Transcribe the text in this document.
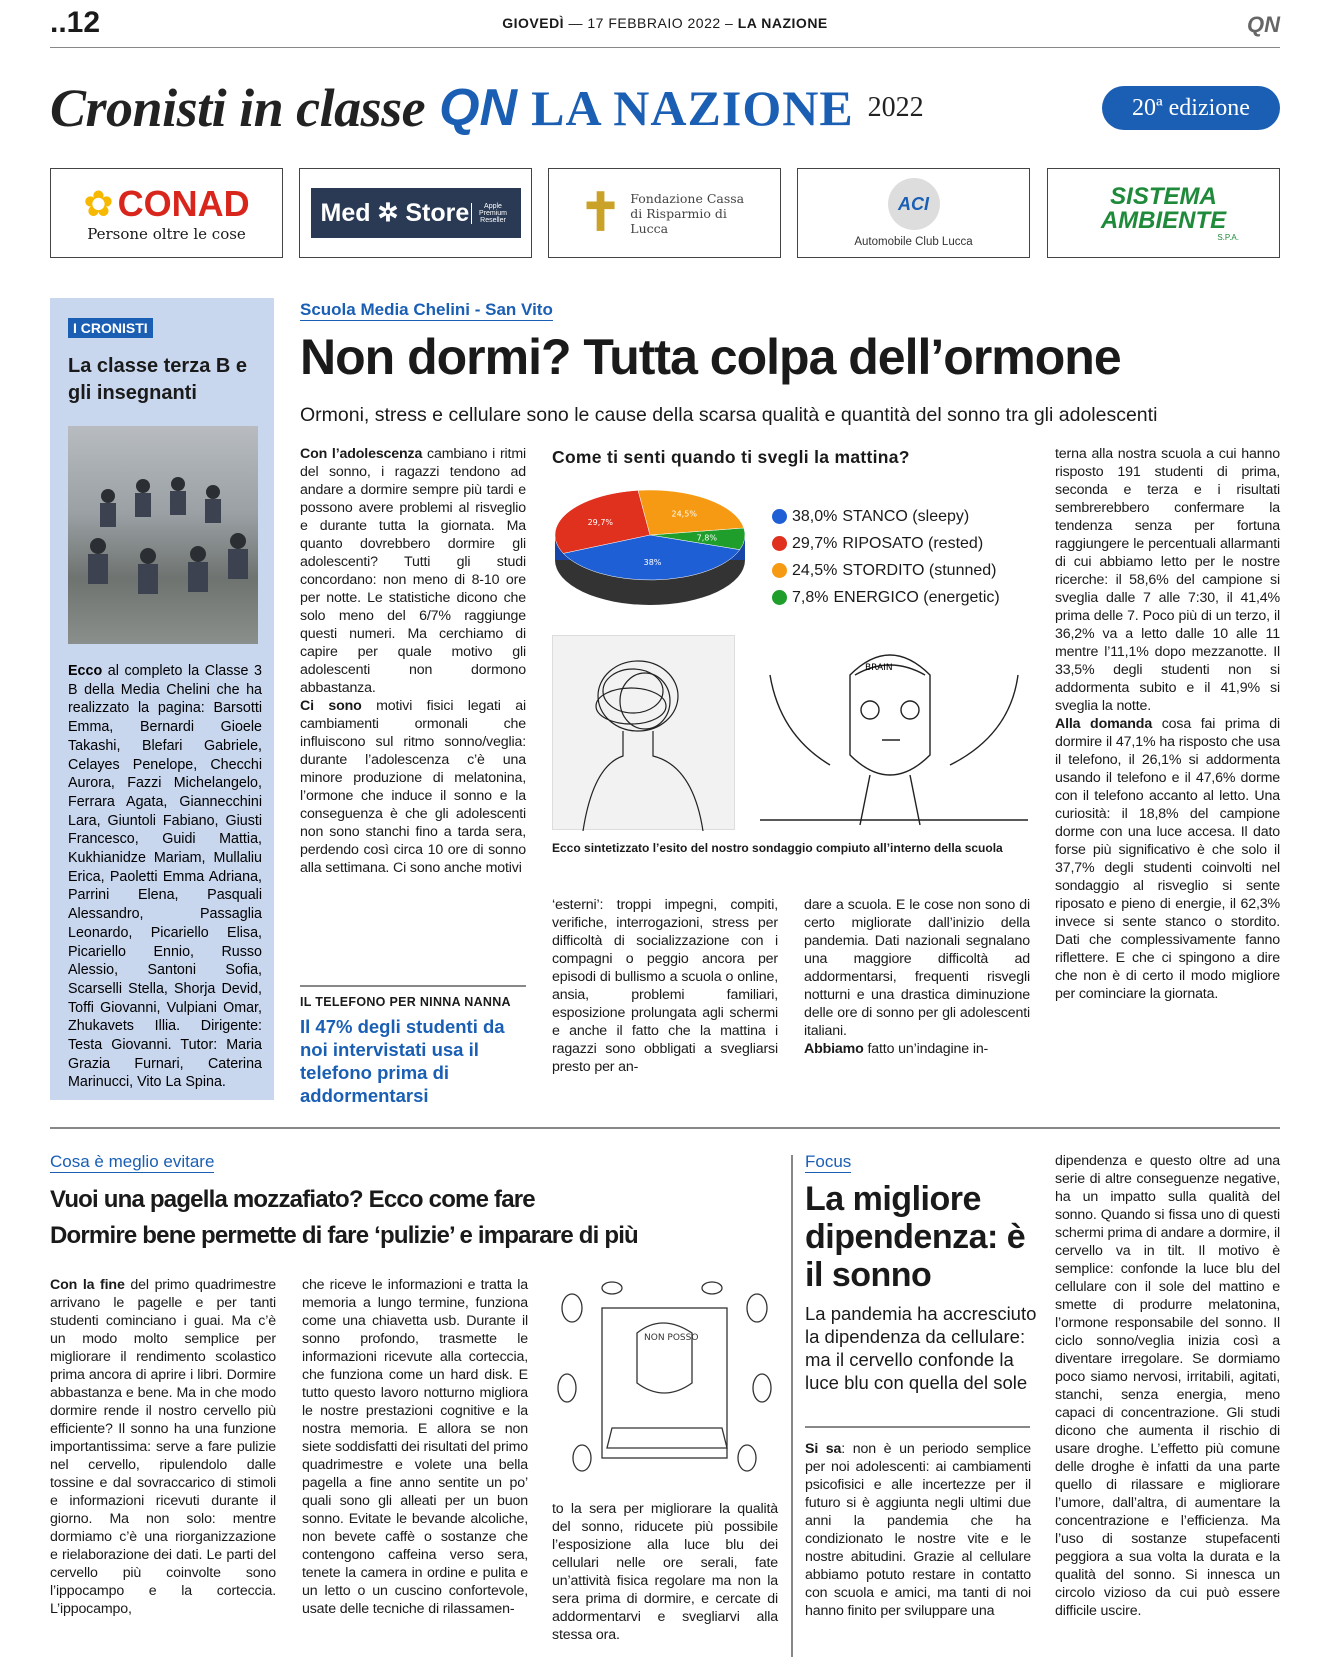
..12	GIOVEDÌ — 17 FEBBRAIO 2022 – LA NAZIONE	QN
Cronisti in classe QN LA NAZIONE 2022	20ª edizione
✿ CONAD
Persone oltre le cose
Med ✲ Store	Apple Premium Reseller ✝ Fondazione Cassa di Risparmio di Lucca
ACI
Automobile Club Lucca
SISTEMA AMBIENTE
S.P.A.
I CRONISTI
La classe terza B e gli insegnanti
Ecco al completo la Classe 3 B della Media Chelini che ha realizzato la pagina: Barsotti Emma, Bernardi Gioele Takashi, Blefari Gabriele, Celayes Penelope, Checchi Aurora, Fazzi Michelangelo, Ferrara Agata, Giannecchini Lara, Giuntoli Fabiano, Giusti Francesco, Guidi Mattia, Kukhianidze Mariam, Mullaliu Erica, Paoletti Emma Adriana, Parrini Elena, Pasquali Alessandro, Passaglia Leonardo, Picariello Elisa, Picariello Ennio, Russo Alessio, Santoni Sofia, Scarselli Stella, Shorja Devid, Toffi Giovanni, Vulpiani Omar, Zhukavets Illia. Dirigente: Testa Giovanni. Tutor: Maria Grazia Furnari, Caterina Marinucci, Vito La Spina.
Scuola Media Chelini - San Vito
Non dormi? Tutta colpa dell’ormone
Ormoni, stress e cellulare sono le cause della scarsa qualità e quantità del sonno tra gli adolescenti
Con l’adolescenza cambiano i ritmi del sonno, i ragazzi tendono ad andare a dormire sempre più tardi e possono avere problemi al risveglio e durante tutta la giornata. Ma quanto dovrebbero dormire gli adolescenti? Tutti gli studi concordano: non meno di 8-10 ore per notte. Le statistiche dicono che solo meno del 6/7% raggiunge questi numeri. Ma cerchiamo di capire per quale motivo gli adolescenti non dormono abbastanza.
Ci sono motivi fisici legati ai cambiamenti ormonali che influiscono sul ritmo sonno/veglia: durante l’adolescenza c’è una minore produzione di melatonina, l’ormone che induce il sonno e la conseguenza è che gli adolescenti non sono stanchi fino a tarda sera, perdendo così circa 10 ore di sonno alla settimana. Ci sono anche motivi
IL TELEFONO PER NINNA NANNA
Il 47% degli studenti da noi intervistati usa il telefono prima di addormentarsi
Come ti senti quando ti svegli la mattina?
7,8%
38%
29,7%
24,5%	38,0% STANCO (sleepy)
29,7% RIPOSATO (rested)
24,5% STORDITO (stunned)
7,8% ENERGICO (energetic)
BRAIN
Ecco sintetizzato l’esito del nostro sondaggio compiuto all’interno della scuola
‘esterni’: troppi impegni, compiti, verifiche, interrogazioni, stress per difficoltà di socializzazione con i compagni o peggio ancora per episodi di bullismo a scuola o online, ansia, problemi familiari, esposizione prolungata agli schermi e anche il fatto che la mattina i ragazzi sono obbligati a svegliarsi presto per an-
dare a scuola. E le cose non sono di certo migliorate dall’inizio della pandemia. Dati nazionali segnalano una maggiore difficoltà ad addormentarsi, frequenti risvegli notturni e una drastica diminuzione delle ore di sonno per gli adolescenti italiani.
Abbiamo fatto un’indagine in-
terna alla nostra scuola a cui hanno risposto 191 studenti di prima, seconda e terza e i risultati sembrerebbero confermare la tendenza senza per fortuna raggiungere le percentuali allarmanti di cui abbiamo letto per le nostre ricerche: il 58,6% del campione si sveglia dalle 7 alle 7:30, il 41,4% prima delle 7. Poco più di un terzo, il 36,2% va a letto dalle 10 alle 11 mentre l’11,1% dopo mezzanotte. Il 33,5% degli studenti non si addormenta subito e il 41,9% si sveglia la notte.
Alla domanda cosa fai prima di dormire il 47,1% ha risposto che usa il telefono, il 26,1% si addormenta usando il telefono e il 47,6% dorme con il telefono accanto al letto. Una curiosità: il 18,8% del campione dorme con una luce accesa. Il dato forse più significativo è che solo il 37,7% degli studenti coinvolti nel sondaggio al risveglio si sente riposato e pieno di energie, il 62,3% invece si sente stanco o stordito. Dati che complessivamente fanno riflettere. E che ci spingono a dire che non è di certo il modo migliore per cominciare la giornata.
Cosa è meglio evitare
Vuoi una pagella mozzafiato? Ecco come fare
Dormire bene permette di fare ‘pulizie’ e imparare di più
Con la fine del primo quadrimestre arrivano le pagelle e per tanti studenti cominciano i guai. Ma c’è un modo molto semplice per migliorare il rendimento scolastico prima ancora di aprire i libri. Dormire abbastanza e bene. Ma in che modo dormire rende il nostro cervello più efficiente? Il sonno ha una funzione importantissima: serve a fare pulizie nel cervello, ripulendolo dalle tossine e dal sovraccarico di stimoli e informazioni ricevuti durante il giorno. Ma non solo: mentre dormiamo c’è una riorganizzazione e rielaborazione dei dati. Le parti del cervello più coinvolte sono l’ippocampo e la corteccia. L’ippocampo,
che riceve le informazioni e tratta la memoria a lungo termine, funziona come una chiavetta usb. Durante il sonno profondo, trasmette le informazioni ricevute alla corteccia, che funziona come un hard disk. E tutto questo lavoro notturno migliora le nostre prestazioni cognitive e la nostra memoria. E allora se non siete soddisfatti dei risultati del primo quadrimestre e volete una bella pagella a fine anno sentite un po’ quali sono gli alleati per un buon sonno. Evitate le bevande alcoliche, non bevete caffè o sostanze che contengono caffeina verso sera, tenete la camera in ordine e pulita e un letto o un cuscino confortevole, usate delle tecniche di rilassamen-
NON POSSO
to la sera per migliorare la qualità del sonno, riducete più possibile l’esposizione alla luce blu dei cellulari nelle ore serali, fate un’attività fisica regolare ma non la sera prima di dormire, e cercate di addormentarvi e svegliarvi alla stessa ora.
Focus
La migliore dipendenza: è il sonno
La pandemia ha accresciuto la dipendenza da cellulare: ma il cervello confonde la luce blu con quella del sole
Si sa: non è un periodo semplice per noi adolescenti: ai cambiamenti psicofisici e alle incertezze per il futuro si è aggiunta negli ultimi due anni la pandemia che ha condizionato le nostre vite e le nostre abitudini. Grazie al cellulare abbiamo potuto restare in contatto con scuola e amici, ma tanti di noi hanno finito per sviluppare una
dipendenza e questo oltre ad una serie di altre conseguenze negative, ha un impatto sulla qualità del sonno. Quando si fissa uno di questi schermi prima di andare a dormire, il cervello va in tilt. Il motivo è semplice: confonde la luce blu del cellulare con il sole del mattino e smette di produrre melatonina, l’ormone responsabile del sonno. Il ciclo sonno/veglia inizia così a diventare irregolare. Se dormiamo poco siamo nervosi, irritabili, agitati, stanchi, senza energia, meno capaci di concentrazione. Gli studi dicono che aumenta il rischio di usare droghe. L’effetto più comune delle droghe è infatti da una parte quello di rilassare e migliorare l’umore, dall’altra, di aumentare la concentrazione e l’efficienza. Ma l’uso di sostanze stupefacenti peggiora a sua volta la durata e la qualità del sonno. Si innesca un circolo vizioso da cui può essere difficile uscire.
